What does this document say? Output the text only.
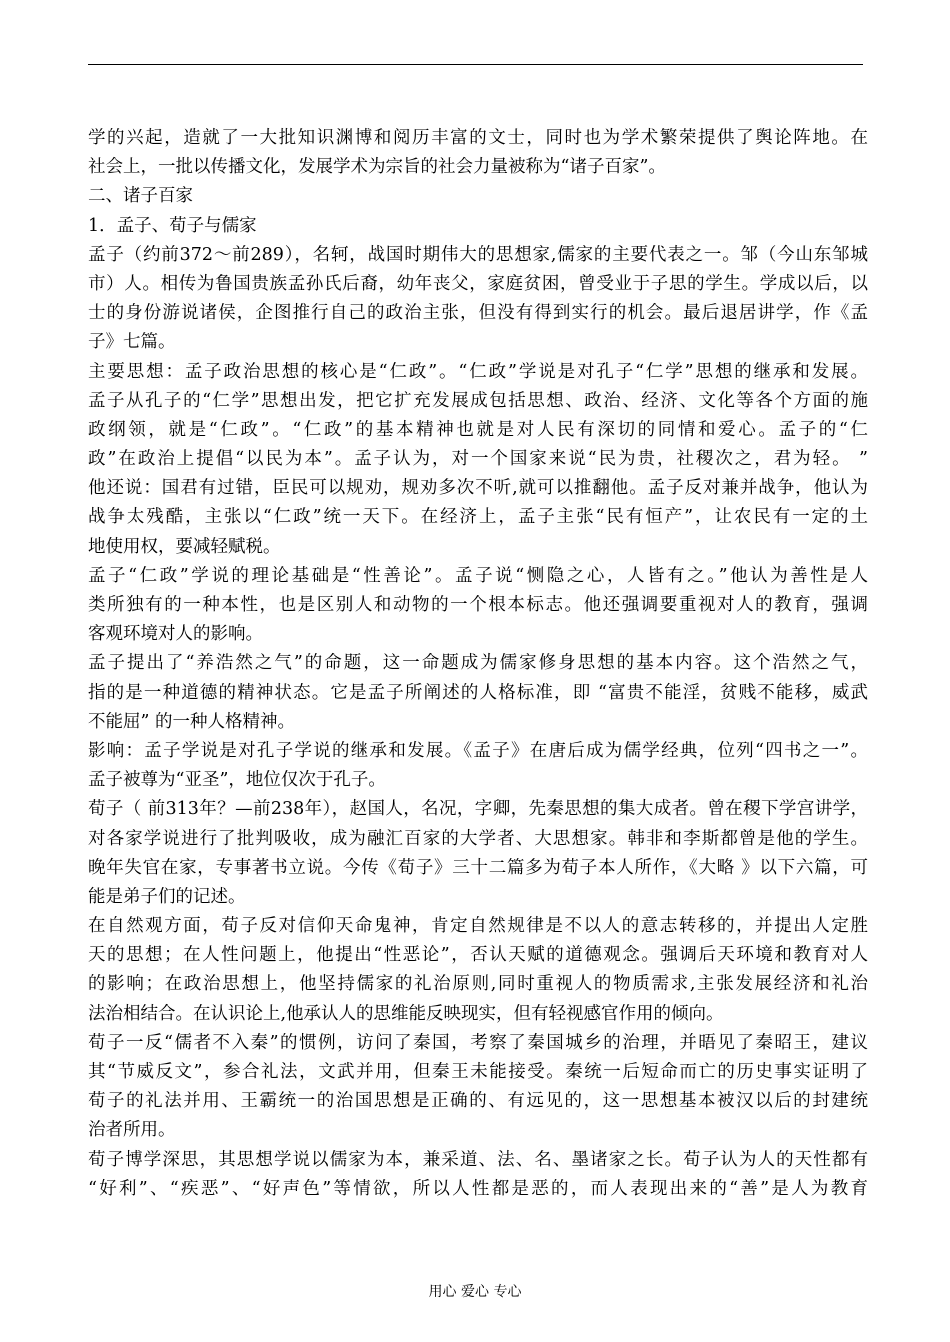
学的兴起，造就了一大批知识渊博和阅历丰富的文士，同时也为学术繁荣提供了舆论阵地。在
社会上，一批以传播文化，发展学术为宗旨的社会力量被称为“诸子百家”。
二、诸子百家
1．孟子、荀子与儒家
孟子（约前372～前289），名轲，战国时期伟大的思想家,儒家的主要代表之一。邹（今山东邹城
市）人。相传为鲁国贵族孟孙氏后裔，幼年丧父，家庭贫困，曾受业于子思的学生。学成以后，以
士的身份游说诸侯，企图推行自己的政治主张，但没有得到实行的机会。最后退居讲学，作《孟
子》七篇。
主要思想：孟子政治思想的核心是“仁政”。“仁政”学说是对孔子“仁学”思想的继承和发展。
孟子从孔子的“仁学”思想出发，把它扩充发展成包括思想、政治、经济、文化等各个方面的施
政纲领，就是“仁政”。“仁政”的基本精神也就是对人民有深切的同情和爱心。孟子的“仁
政”在政治上提倡“以民为本”。孟子认为，对一个国家来说“民为贵，社稷次之，君为轻。 ”
他还说：国君有过错，臣民可以规劝，规劝多次不听,就可以推翻他。孟子反对兼并战争，他认为
战争太残酷，主张以“仁政”统一天下。在经济上，孟子主张“民有恒产”，让农民有一定的土
地使用权，要减轻赋税。
孟子“仁政”学说的理论基础是“性善论”。孟子说“恻隐之心，人皆有之。”他认为善性是人
类所独有的一种本性，也是区别人和动物的一个根本标志。他还强调要重视对人的教育，强调
客观环境对人的影响。
孟子提出了“养浩然之气”的命题，这一命题成为儒家修身思想的基本内容。这个浩然之气，
指的是一种道德的精神状态。它是孟子所阐述的人格标准，即 “富贵不能淫，贫贱不能移，威武
不能屈” 的一种人格精神。
影响：孟子学说是对孔子学说的继承和发展。《孟子》在唐后成为儒学经典，位列“四书之一”。
孟子被尊为“亚圣”，地位仅次于孔子。
荀子（ 前313年？—前238年），赵国人，名况，字卿，先秦思想的集大成者。曾在稷下学宫讲学，
对各家学说进行了批判吸收，成为融汇百家的大学者、大思想家。韩非和李斯都曾是他的学生。
晚年失官在家，专事著书立说。今传《荀子》三十二篇多为荀子本人所作，《大略 》以下六篇，可
能是弟子们的记述。
在自然观方面，荀子反对信仰天命鬼神，肯定自然规律是不以人的意志转移的，并提出人定胜
天的思想；在人性问题上，他提出“性恶论”，否认天赋的道德观念。强调后天环境和教育对人
的影响；在政治思想上，他坚持儒家的礼治原则,同时重视人的物质需求,主张发展经济和礼治
法治相结合。在认识论上,他承认人的思维能反映现实，但有轻视感官作用的倾向。
荀子一反“儒者不入秦”的惯例，访问了秦国，考察了秦国城乡的治理，并晤见了秦昭王，建议
其“节威反文”，参合礼法，文武并用，但秦王未能接受。秦统一后短命而亡的历史事实证明了
荀子的礼法并用、王霸统一的治国思想是正确的、有远见的，这一思想基本被汉以后的封建统
治者所用。
荀子博学深思，其思想学说以儒家为本，兼采道、法、名、墨诸家之长。荀子认为人的天性都有
“好利”、“疾恶”、“好声色”等情欲，所以人性都是恶的，而人表现出来的“善”是人为教育
用心 爱心 专心
